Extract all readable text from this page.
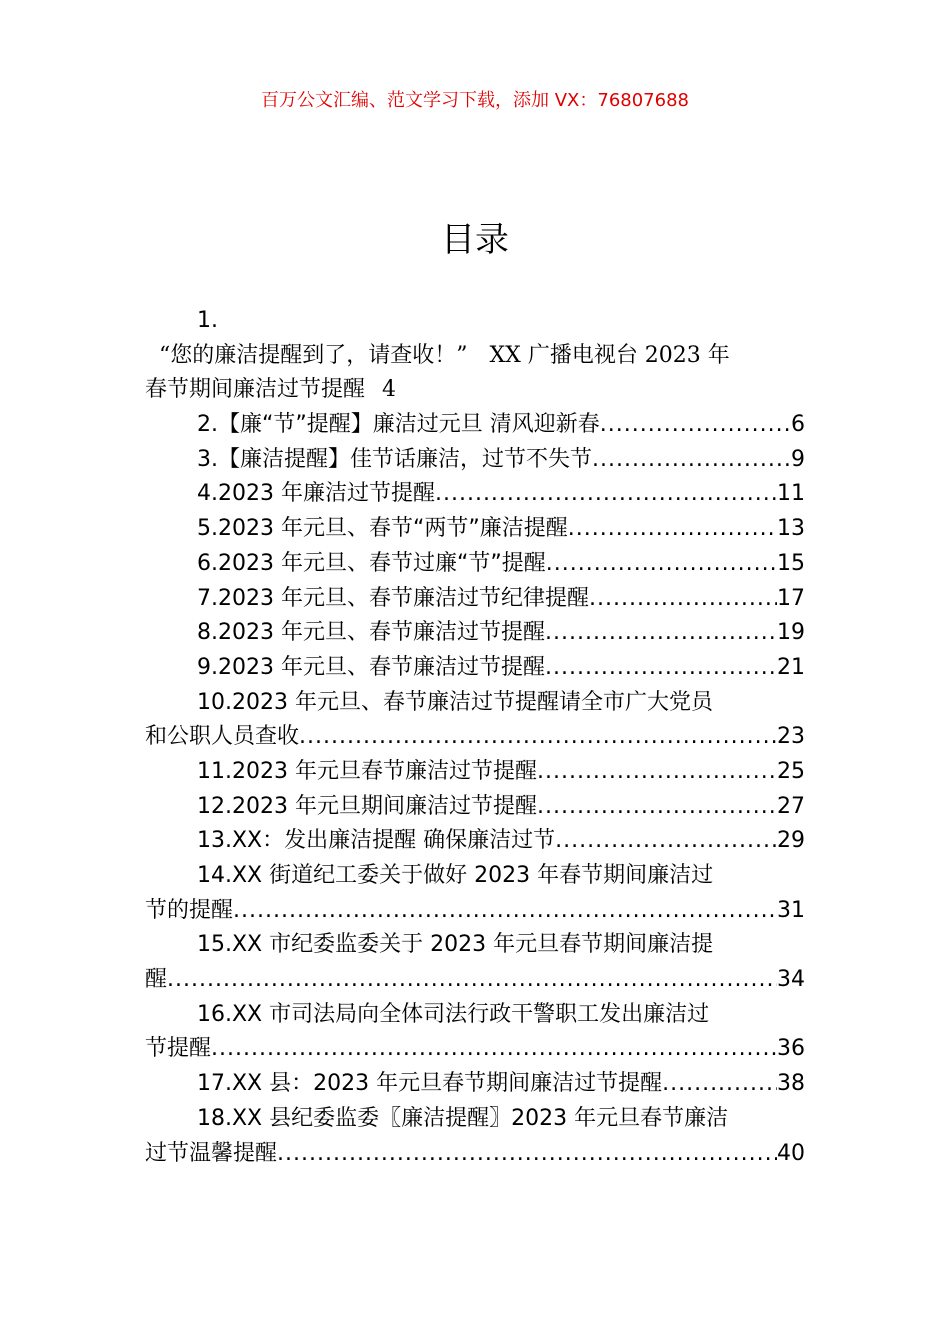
百万公文汇编、范文学习下载，添加 VX：76807688
目录
1.
“您的廉洁提醒到了，请查收！”　XX 广播电视台 2023 年
春节期间廉洁过节提醒 4
2.【廉“节”提醒】廉洁过元旦 清风迎新春 .....	6
3.【廉洁提醒】佳节话廉洁，过节不失节 .....	9
4.2023 年廉洁过节提醒 .....	11
5.2023 年元旦、春节“两节”廉洁提醒 .....	13
6.2023 年元旦、春节过廉“节”提醒 .....	15
7.2023 年元旦、春节廉洁过节纪律提醒 .....	17
8.2023 年元旦、春节廉洁过节提醒 .....	19
9.2023 年元旦、春节廉洁过节提醒 .....	21
10.2023 年元旦、春节廉洁过节提醒请全市广大党员
和公职人员查收 .....	23
11.2023 年元旦春节廉洁过节提醒 .....	25
12.2023 年元旦期间廉洁过节提醒 .....	27
13.XX：发出廉洁提醒 确保廉洁过节 .....	29
14.XX 街道纪工委关于做好 2023 年春节期间廉洁过
节的提醒 .....	31
15.XX 市纪委监委关于 2023 年元旦春节期间廉洁提
醒 .....	34
16.XX 市司法局向全体司法行政干警职工发出廉洁过
节提醒 .....	36
17.XX 县：2023 年元旦春节期间廉洁过节提醒 .....	38
18.XX 县纪委监委〖廉洁提醒〗2023 年元旦春节廉洁
过节温馨提醒 .....	40
